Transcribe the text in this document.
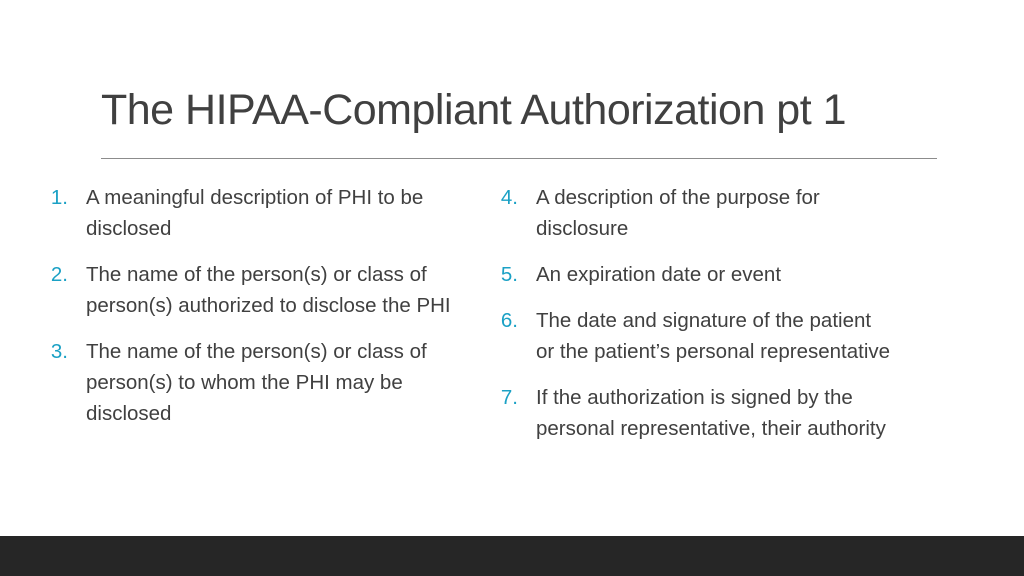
The HIPAA-Compliant Authorization pt 1
1. A meaningful description of PHI to be
disclosed
2. The name of the person(s) or class of
person(s) authorized to disclose the PHI
3. The name of the person(s) or class of
person(s) to whom the PHI may be
disclosed
4. A description of the purpose for
disclosure
5. An expiration date or event
6. The date and signature of the patient
or the patient’s personal representative
7. If the authorization is signed by the
personal representative, their authority
